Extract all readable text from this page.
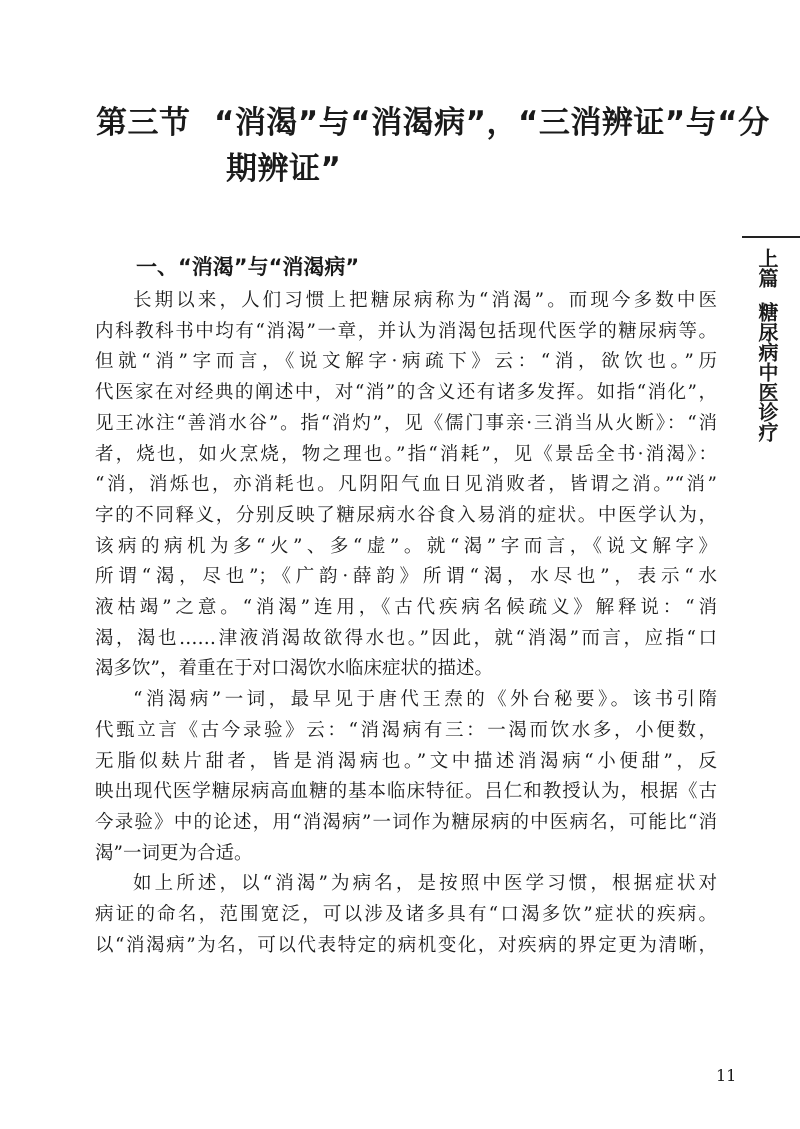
第三节 “消渴”与“消渴病”，“三消辨证”与“分
期辨证”
上篇糖尿病中医诊疗
一、“消渴”与“消渴病”

长期以来，人们习惯上把糖尿病称为“消渴”。而现今多数中医
内科教科书中均有“消渴”一章，并认为消渴包括现代医学的糖尿病等。
但就“消”字而言，《说文解字·病疏下》云：“消，欲饮也。”历
代医家在对经典的阐述中，对“消”的含义还有诸多发挥。如指“消化”，
见王冰注“善消水谷”。指“消灼”，见《儒门事亲·三消当从火断》：“消
者，烧也，如火烹烧，物之理也。”指“消耗”，见《景岳全书·消渴》：
“消，消烁也，亦消耗也。凡阴阳气血日见消败者，皆谓之消。”“消”
字的不同释义，分别反映了糖尿病水谷食入易消的症状。中医学认为，
该病的病机为多“火”、多“虚”。就“渴”字而言，《说文解字》
所谓“渴，尽也”；《广韵·薛韵》所谓“渴，水尽也”，表示“水
液枯竭”之意。“消渴”连用，《古代疾病名候疏义》解释说：“消
渴，渴也……津液消渴故欲得水也。”因此，就“消渴”而言，应指“口
渴多饮”，着重在于对口渴饮水临床症状的描述。

“消渴病”一词，最早见于唐代王焘的《外台秘要》。该书引隋
代甄立言《古今录验》云：“消渴病有三：一渴而饮水多，小便数，
无脂似麸片甜者，皆是消渴病也。”文中描述消渴病“小便甜”，反
映出现代医学糖尿病高血糖的基本临床特征。吕仁和教授认为，根据《古
今录验》中的论述，用“消渴病”一词作为糖尿病的中医病名，可能比“消
渴”一词更为合适。

如上所述，以“消渴”为病名，是按照中医学习惯，根据症状对
病证的命名，范围宽泛，可以涉及诸多具有“口渴多饮”症状的疾病。
以“消渴病”为名，可以代表特定的病机变化，对疾病的界定更为清晰，

11
